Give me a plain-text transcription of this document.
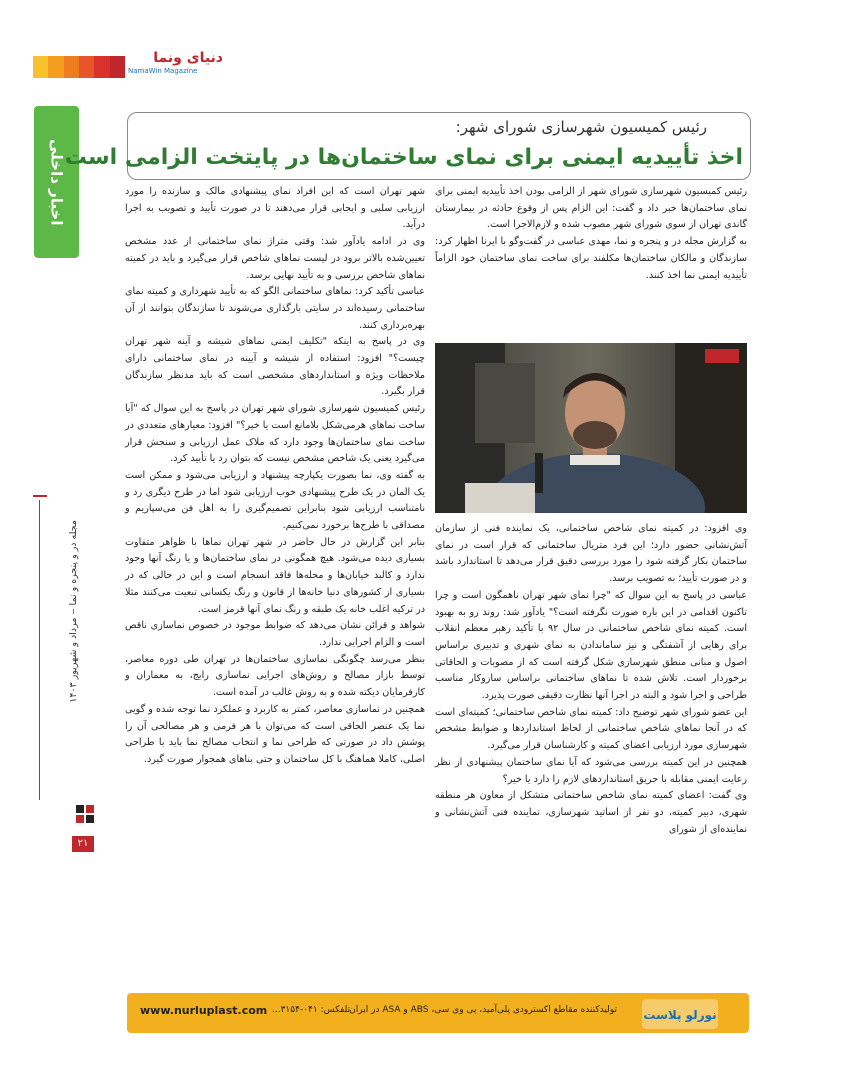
دنیای ونما
NamaWin Magazine
اخبار داخلی
رئیس کمیسیون شهرسازی شورای شهر:
اخذ تأییدیه ایمنی برای نمای ساختمان‌ها در پایتخت الزامی است

رئیس کمیسیون شهرسازی شورای شهر از الزامی بودن اخذ تأییدیه ایمنی برای نمای ساختمان‌ها خبر داد و گفت: این الزام پس از وقوع حادثه در بیمارستان گاندی تهران از سوی شورای شهر مصوب شده و لازم‌الاجرا است.

به گزارش مجله در و پنجره و نما، مهدی عباسی در گفت‌وگو با ایرنا اظهار کرد: سازندگان و مالکان ساختمان‌ها مکلفند برای ساخت نمای ساختمان خود الزاماً تأییدیه ایمنی نما اخذ کنند.

وی افزود: در کمیته نمای شاخص ساختمانی، یک نماینده فنی از سازمان آتش‌نشانی حضور دارد؛ این فرد متریال ساختمانی که قرار است در نمای ساختمان بکار گرفته شود را مورد بررسی دقیق قرار می‌دهد تا استاندارد باشد و در صورت تأیید؛ به تصویب برسد.

عباسی در پاسخ به این سوال که "چرا نمای شهر تهران ناهمگون است و چرا تاکنون اقدامی در این باره صورت نگرفته است؟" یادآور شد: روند رو به بهبود است. کمیته نمای شاخص ساختمانی در سال ۹۲ با تأکید رهبر معظم انقلاب برای رهایی از آشفتگی و نیز ساماندادن به نمای شهری و تدبیری براساس اصول و مبانی منطق شهرسازی شکل گرفته است که از مصوبات و الحاقاتی برخوردار است. تلاش شده تا نماهای ساختمانی براساس سازوکار مناسب طراحی و اجرا شود و البته در اجرا آنها نظارت دقیقی صورت پذیرد.

این عضو شورای شهر توضیح داد: کمیته نمای شاخص ساختمانی؛ کمیته‌ای است که در آنجا نماهای شاخص ساختمانی از لحاظ استانداردها و ضوابط مشخص شهرسازی مورد ارزیابی اعضای کمیته و کارشناسان قرار می‌گیرد.

همچنین در این کمیته بررسی می‌شود که آیا نمای ساختمان پیشنهادی از نظر رعایت ایمنی مقابله با حریق استانداردهای لازم را دارد یا خیر؟

وی گفت: اعضای کمیته نمای شاخص ساختمانی متشکل از معاون هر منطقه شهری، دبیر کمیته، دو نفر از اساتید شهرسازی، نماینده فنی آتش‌نشانی و نماینده‌ای از شورای

شهر تهران است که این افراد نمای پیشنهادی مالک و سازنده را مورد ارزیابی سلبی و ایجابی قرار می‌دهند تا در صورت تأیید و تصویب به اجرا درآید.

وی در ادامه یادآور شد: وقتی متراژ نمای ساختمانی از عدد مشخص تعیین‌شده بالاتر برود در لیست نماهای شاخص قرار می‌گیرد و باید در کمیته نماهای شاخص بررسی و به تأیید نهایی برسد.

عباسی تأکید کرد: نماهای ساختمانی الگو که به تأیید شهرداری و کمیته نمای ساختمانی رسیده‌اند در سایتی بارگذاری می‌شوند تا سازندگان بتوانند از آن بهره‌برداری کنند.

وی در پاسخ به اینکه "تکلیف ایمنی نماهای شیشه و آینه شهر تهران چیست؟" افزود: استفاده از شیشه و آیینه در نمای ساختمانی دارای ملاحظات ویژه و استانداردهای مشخصی است که باید مدنظر سازندگان قرار بگیرد.

رئیس کمیسیون شهرسازی شورای شهر تهران در پاسخ به این سوال که "آیا ساخت نماهای هرمی‌شکل بلامانع است یا خیر؟" افزود: معیارهای متعددی در ساخت نمای ساختمان‌ها وجود دارد که ملاک عمل ارزیابی و سنجش قرار می‌گیرد یعنی یک شاخص مشخص نیست که بتوان رد یا تأیید کرد.

به گفته وی، نما بصورت یکپارچه پیشنهاد و ارزیابی می‌شود و ممکن است یک المان در یک طرح پیشنهادی خوب ارزیابی شود اما در طرح دیگری رد و نامتناسب ارزیابی شود بنابراین تصمیم‌گیری را به اهل فن می‌سپاریم و مصداقی با طرح‌ها برخورد نمی‌کنیم.

بنابر این گزارش در حال حاضر در شهر تهران نماها با ظواهر متفاوت بسیاری دیده می‌شود. هیچ همگونی در نمای ساختمان‌ها و یا رنگ آنها وجود ندارد و کالبد خیابان‌ها و محله‌ها فاقد انسجام است و این در حالی که در بسیاری از کشورهای دنیا خانه‌ها از قانون و رنگ یکسانی تبعیت می‌کنند مثلا در ترکیه اغلب خانه یک طبقه و رنگ نمای آنها قرمز است.

شواهد و قرائن نشان می‌دهد که ضوابط موجود در خصوص نماسازی ناقص است و الزام اجرایی ندارد.

بنظر می‌رسد چگونگی نماسازی ساختمان‌ها در تهران طی دوره معاصر، توسط بازار مصالح و روش‌های اجرایی نماسازی رایج، به معماران و کارفرمایان دیکته شده و به روش غالب در آمده است.

همچنین در نماسازی معاصر، کمتر به کاربرد و عملکرد نما توجه شده و گویی نما یک عنصر الحاقی است که می‌توان با هر فرمی و هر مصالحی آن را پوشش داد در صورتی که طراحی نما و انتخاب مصالح نما باید با طراحی اصلی، کاملا هماهنگ با کل ساختمان و حتی بناهای همجوار صورت گیرد.

مجله در و پنجره و نما ‒ مرداد و شهریور ۱۴۰۳
۲۱
نورلو پلاست
تولیدکننده مقاطع اکسترودی پلی‌آمید، پی وی سی، ABS و ASA در ایران
تلفکس: ۰۴۱-۳۱۵۴...
www.nurluplast.com
